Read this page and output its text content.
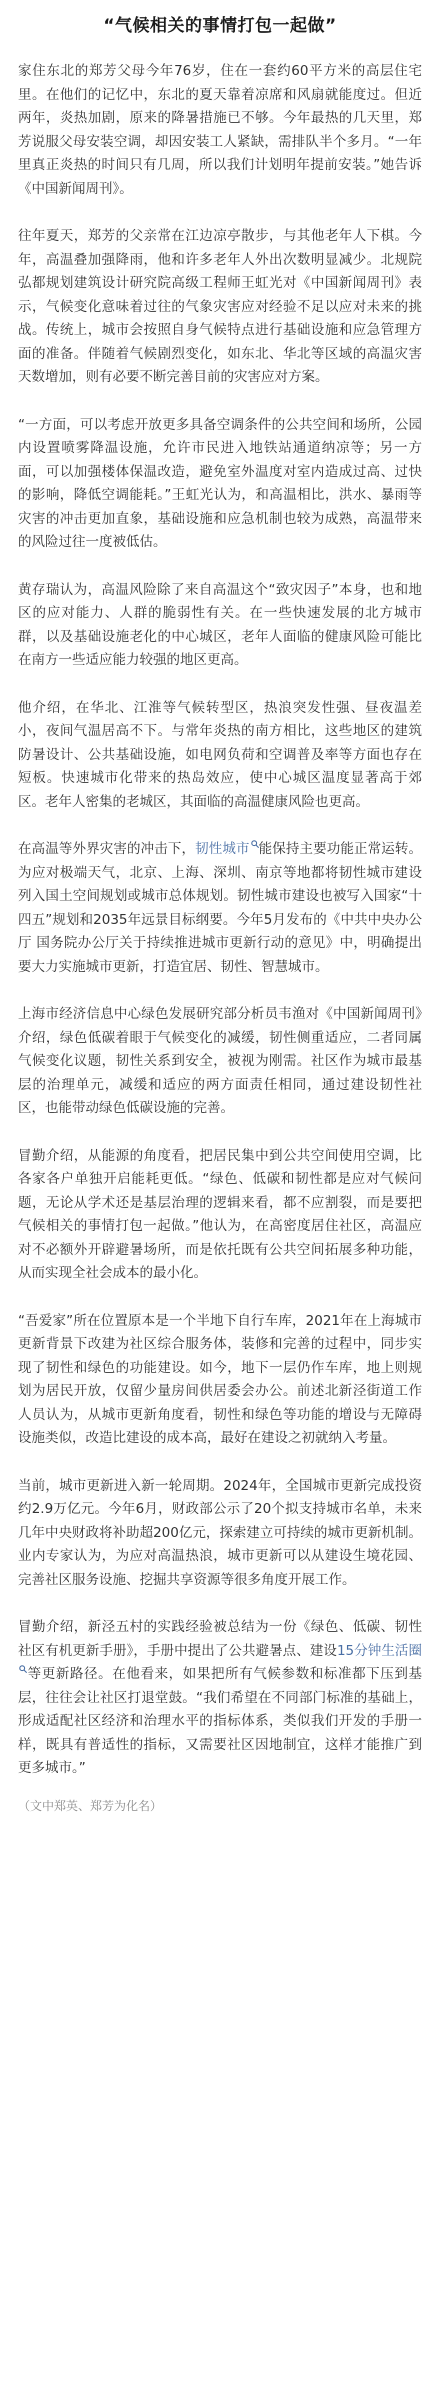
“气候相关的事情打包一起做”

家住东北的郑芳父母今年76岁，住在一套约60平方米的高层住宅里。在他们的记忆中，东北的夏天靠着凉席和风扇就能度过。但近两年，炎热加剧，原来的降暑措施已不够。今年最热的几天里，郑芳说服父母安装空调，却因安装工人紧缺，需排队半个多月。“一年里真正炎热的时间只有几周，所以我们计划明年提前安装。”她告诉《中国新闻周刊》。

往年夏天，郑芳的父亲常在江边凉亭散步，与其他老年人下棋。今年，高温叠加强降雨，他和许多老年人外出次数明显减少。北规院弘都规划建筑设计研究院高级工程师王虹光对《中国新闻周刊》表示，气候变化意味着过往的气象灾害应对经验不足以应对未来的挑战。传统上，城市会按照自身气候特点进行基础设施和应急管理方面的准备。伴随着气候剧烈变化，如东北、华北等区域的高温灾害天数增加，则有必要不断完善目前的灾害应对方案。

“一方面，可以考虑开放更多具备空调条件的公共空间和场所，公园内设置喷雾降温设施，允许市民进入地铁站通道纳凉等；另一方面，可以加强楼体保温改造，避免室外温度对室内造成过高、过快的影响，降低空调能耗。”王虹光认为，和高温相比，洪水、暴雨等灾害的冲击更加直象，基础设施和应急机制也较为成熟，高温带来的风险过往一度被低估。

黄存瑞认为，高温风险除了来自高温这个“致灾因子”本身，也和地区的应对能力、人群的脆弱性有关。在一些快速发展的北方城市群，以及基础设施老化的中心城区，老年人面临的健康风险可能比在南方一些适应能力较强的地区更高。

他介绍，在华北、江淮等气候转型区，热浪突发性强、昼夜温差小，夜间气温居高不下。与常年炎热的南方相比，这些地区的建筑防暑设计、公共基础设施，如电网负荷和空调普及率等方面也存在短板。快速城市化带来的热岛效应，使中心城区温度显著高于郊区。老年人密集的老城区，其面临的高温健康风险也更高。

在高温等外界灾害的冲击下，韧性城市 能保持主要功能正常运转。为应对极端天气，北京、上海、深圳、南京等地都将韧性城市建设列入国土空间规划或城市总体规划。韧性城市建设也被写入国家“十四五”规划和2035年远景目标纲要。今年5月发布的《中共中央办公厅 国务院办公厅关于持续推进城市更新行动的意见》中，明确提出要大力实施城市更新，打造宜居、韧性、智慧城市。

上海市经济信息中心绿色发展研究部分析员韦渔对《中国新闻周刊》介绍，绿色低碳着眼于气候变化的减缓，韧性侧重适应，二者同属气候变化议题，韧性关系到安全，被视为刚需。社区作为城市最基层的治理单元，减缓和适应的两方面责任相同，通过建设韧性社区，也能带动绿色低碳设施的完善。

冒勤介绍，从能源的角度看，把居民集中到公共空间使用空调，比各家各户单独开启能耗更低。“绿色、低碳和韧性都是应对气候问题，无论从学术还是基层治理的逻辑来看，都不应割裂，而是要把气候相关的事情打包一起做。”他认为，在高密度居住社区，高温应对不必额外开辟避暑场所，而是依托既有公共空间拓展多种功能，从而实现全社会成本的最小化。

“吾爱家”所在位置原本是一个半地下自行车库，2021年在上海城市更新背景下改建为社区综合服务体，装修和完善的过程中，同步实现了韧性和绿色的功能建设。如今，地下一层仍作车库，地上则规划为居民开放，仅留少量房间供居委会办公。前述北新泾街道工作人员认为，从城市更新角度看，韧性和绿色等功能的增设与无障碍设施类似，改造比建设的成本高，最好在建设之初就纳入考量。

当前，城市更新进入新一轮周期。2024年，全国城市更新完成投资约2.9万亿元。今年6月，财政部公示了20个拟支持城市名单，未来几年中央财政将补助超200亿元，探索建立可持续的城市更新机制。业内专家认为，为应对高温热浪，城市更新可以从建设生境花园、完善社区服务设施、挖掘共享资源等很多角度开展工作。

冒勤介绍，新泾五村的实践经验被总结为一份《绿色、低碳、韧性社区有机更新手册》，手册中提出了公共避暑点、建设15分钟生活圈
等更新路径。在他看来，如果把所有气候参数和标准都下压到基层，往往会让社区打退堂鼓。“我们希望在不同部门标准的基础上，形成适配社区经济和治理水平的指标体系，类似我们开发的手册一样，既具有普适性的指标，又需要社区因地制宜，这样才能推广到更多城市。”

（文中郑英、郑芳为化名）
